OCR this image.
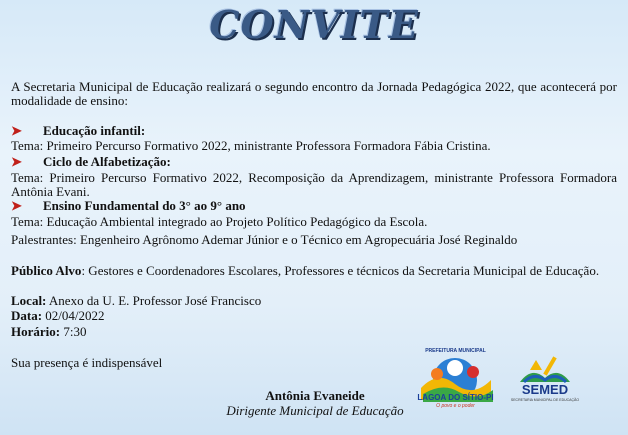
CONVITE
A Secretaria Municipal de Educação realizará o segundo encontro da Jornada Pedagógica 2022, que acontecerá por modalidade de ensino:
➤ Educação infantil:
Tema: Primeiro Percurso Formativo 2022, ministrante Professora Formadora Fábia Cristina.
➤ Ciclo de Alfabetização:
Tema: Primeiro Percurso Formativo 2022, Recomposição da Aprendizagem, ministrante Professora Formadora Antônia Evani.
➤ Ensino Fundamental do 3° ao 9° ano
Tema: Educação Ambiental integrado ao Projeto Político Pedagógico da Escola.
Palestrantes: Engenheiro Agrônomo Ademar Júnior e o Técnico em Agropecuária José Reginaldo
Público Alvo: Gestores e Coordenadores Escolares, Professores e técnicos da Secretaria Municipal de Educação.
Local: Anexo da U. E. Professor José Francisco
Data: 02/04/2022
Horário: 7:30
Sua presença é indispensável
Antônia Evaneide
Dirigente Municipal de Educação
PREFEITURA MUNICIPAL
LAGOA DO SÍTIO-PI
O povo e o poder
SEMED
SECRETARIA MUNICIPAL DE EDUCAÇÃO
